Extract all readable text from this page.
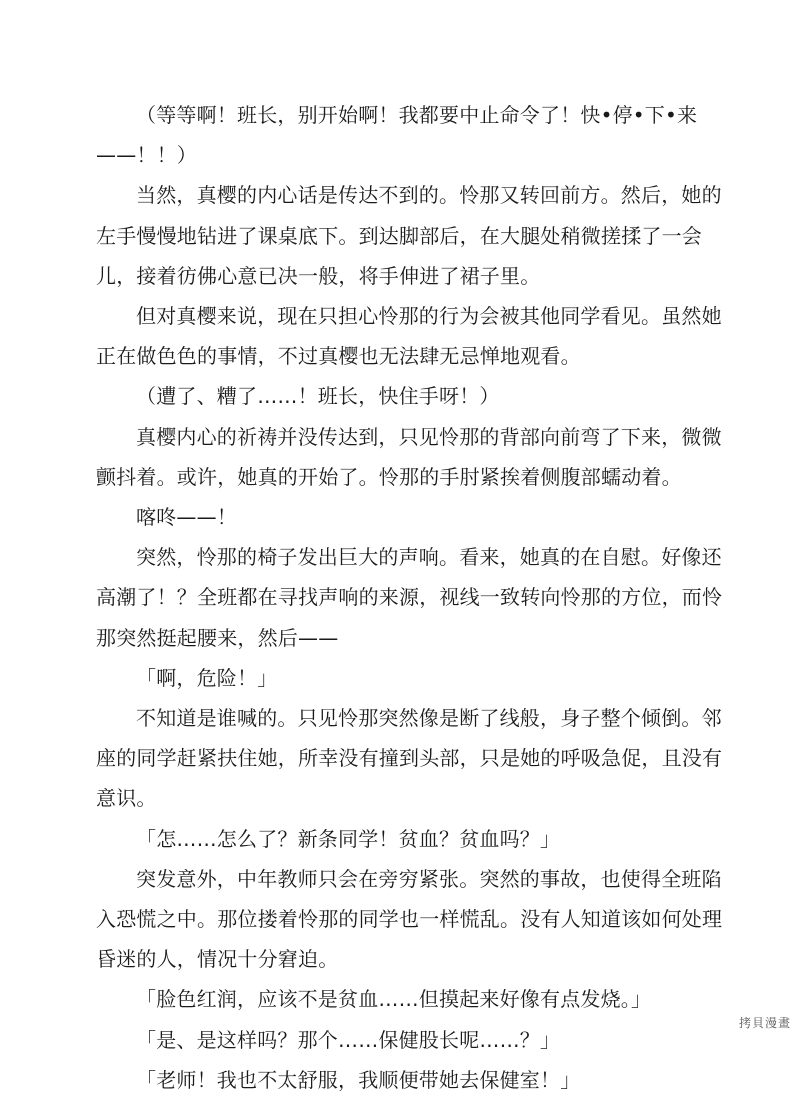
（等等啊！班长，别开始啊！我都要中止命令了！快•停•下•来——！！）

当然，真樱的内心话是传达不到的。怜那又转回前方。然后，她的左手慢慢地钻进了课桌底下。到达脚部后，在大腿处稍微搓揉了一会儿，接着彷佛心意已决一般，将手伸进了裙子里。

但对真樱来说，现在只担心怜那的行为会被其他同学看见。虽然她正在做色色的事情，不过真樱也无法肆无忌惮地观看。

（遭了、糟了……！班长，快住手呀！）

真樱内心的祈祷并没传达到，只见怜那的背部向前弯了下来，微微颤抖着。或许，她真的开始了。怜那的手肘紧挨着侧腹部蠕动着。

喀咚——！

突然，怜那的椅子发出巨大的声响。看来，她真的在自慰。好像还高潮了！？全班都在寻找声响的来源，视线一致转向怜那的方位，而怜那突然挺起腰来，然后——

「啊，危险！」

不知道是谁喊的。只见怜那突然像是断了线般，身子整个倾倒。邻座的同学赶紧扶住她，所幸没有撞到头部，只是她的呼吸急促，且没有意识。

「怎……怎么了？新条同学！贫血？贫血吗？」

突发意外，中年教师只会在旁穷紧张。突然的事故，也使得全班陷入恐慌之中。那位搂着怜那的同学也一样慌乱。没有人知道该如何处理昏迷的人，情况十分窘迫。

「脸色红润，应该不是贫血……但摸起来好像有点发烧。」

「是、是这样吗？那个……保健股长呢……？」

「老师！我也不太舒服，我顺便带她去保健室！」

拷貝漫畫
